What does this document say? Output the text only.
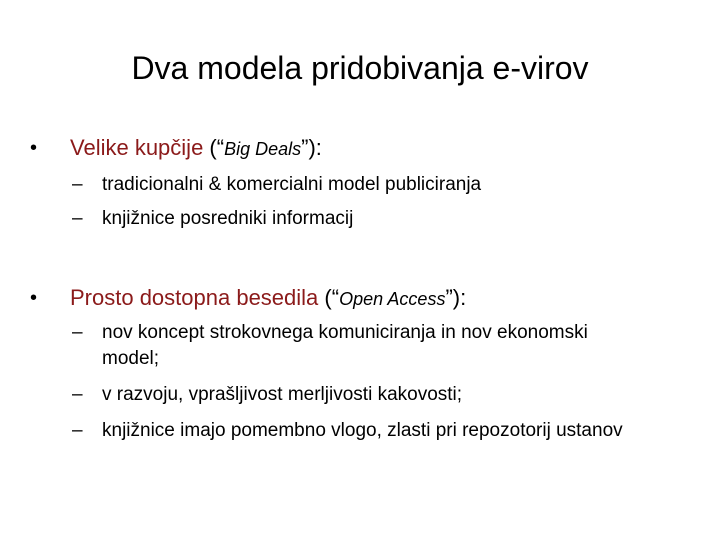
Dva modela pridobivanja e-virov
• Velike kupčije (“Big Deals”):
– tradicionalni & komercialni model publiciranja
– knjižnice posredniki informacij
• Prosto dostopna besedila (“Open Access”):
– nov koncept strokovnega komuniciranja in nov ekonomski model;
– v razvoju, vprašljivost merljivosti kakovosti;
– knjižnice imajo pomembno vlogo, zlasti pri repozotorij ustanov
